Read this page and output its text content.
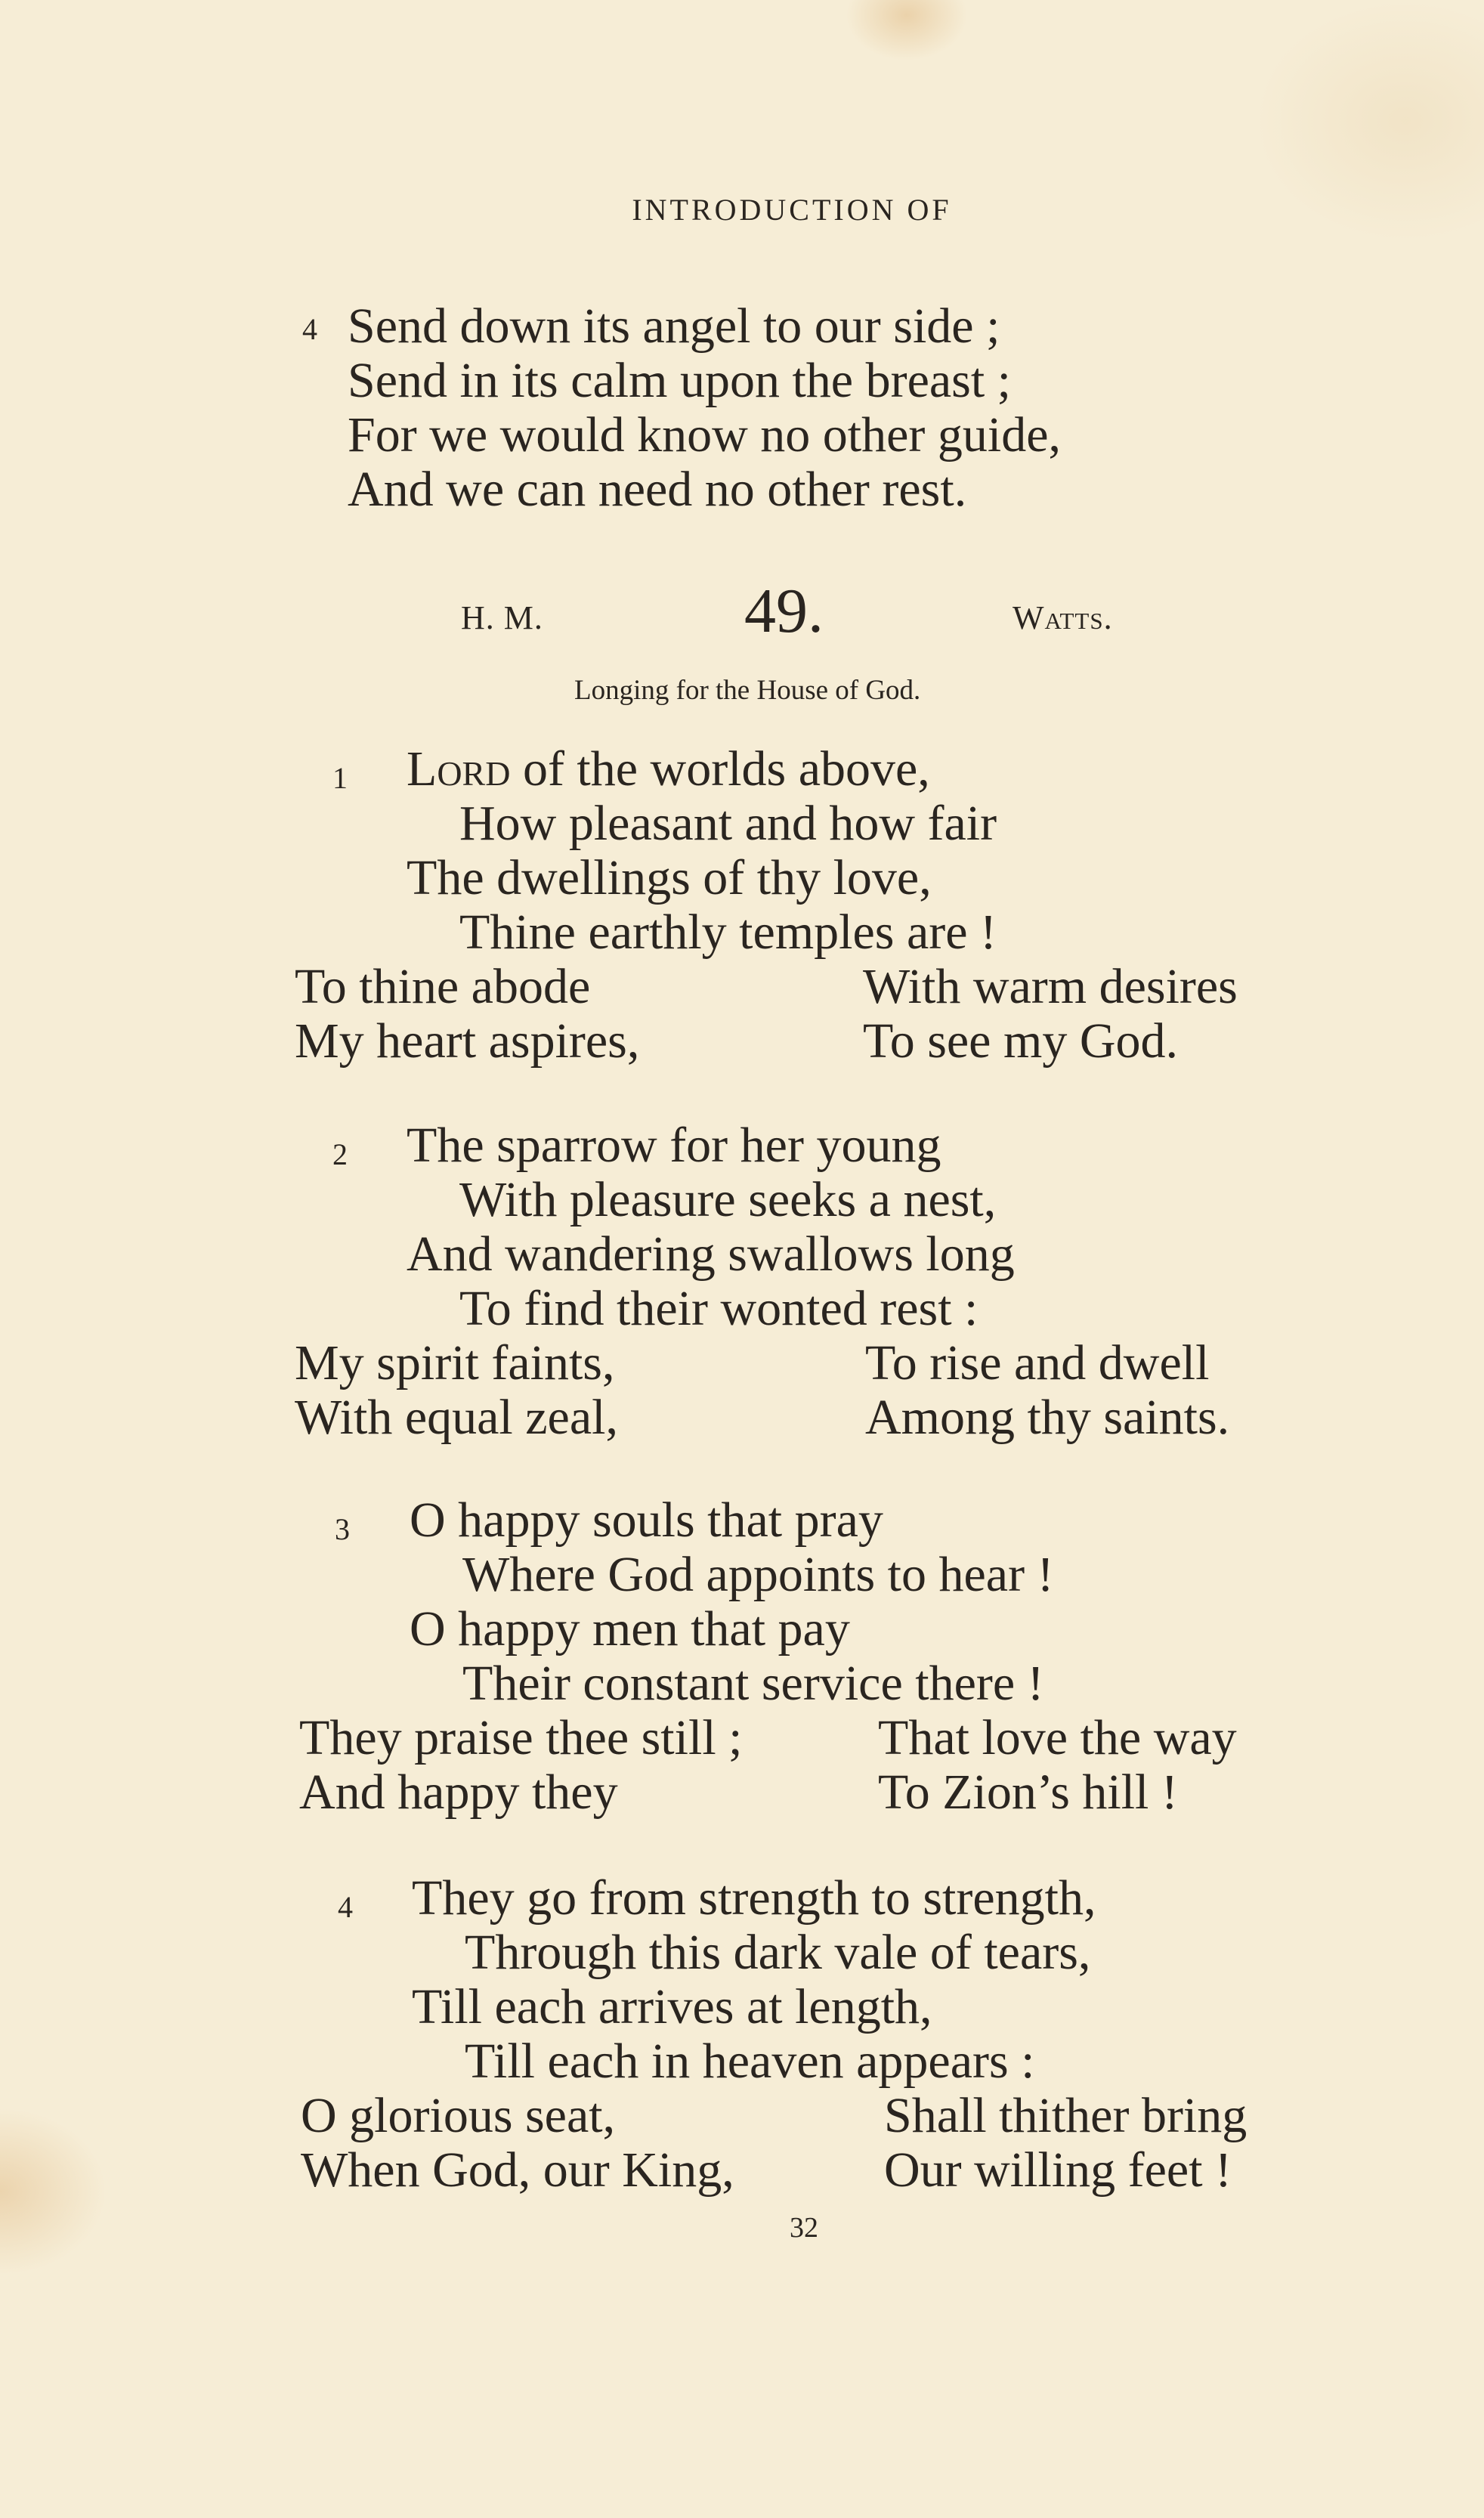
INTRODUCTION OF
4 Send down its angel to our side ;
Send in its calm upon the breast ;
For we would know no other guide,
And we can need no other rest.
H. M.	49.	Watts.
Longing for the House of God.
1 Lord of the worlds above,
How pleasant and how fair
The dwellings of thy love,
Thine earthly temples are !
To thine abode	With warm desires
My heart aspires,	To see my God.
2 The sparrow for her young
With pleasure seeks a nest,
And wandering swallows long
To find their wonted rest :
My spirit faints,	To rise and dwell
With equal zeal,	Among thy saints.
3 O happy souls that pray
Where God appoints to hear !
O happy men that pay
Their constant service there !
They praise thee still ;	That love the way
And happy they	To Zion’s hill !
4 They go from strength to strength,
Through this dark vale of tears,
Till each arrives at length,
Till each in heaven appears :
O glorious seat,	Shall thither bring
When God, our King,	Our willing feet !
32
